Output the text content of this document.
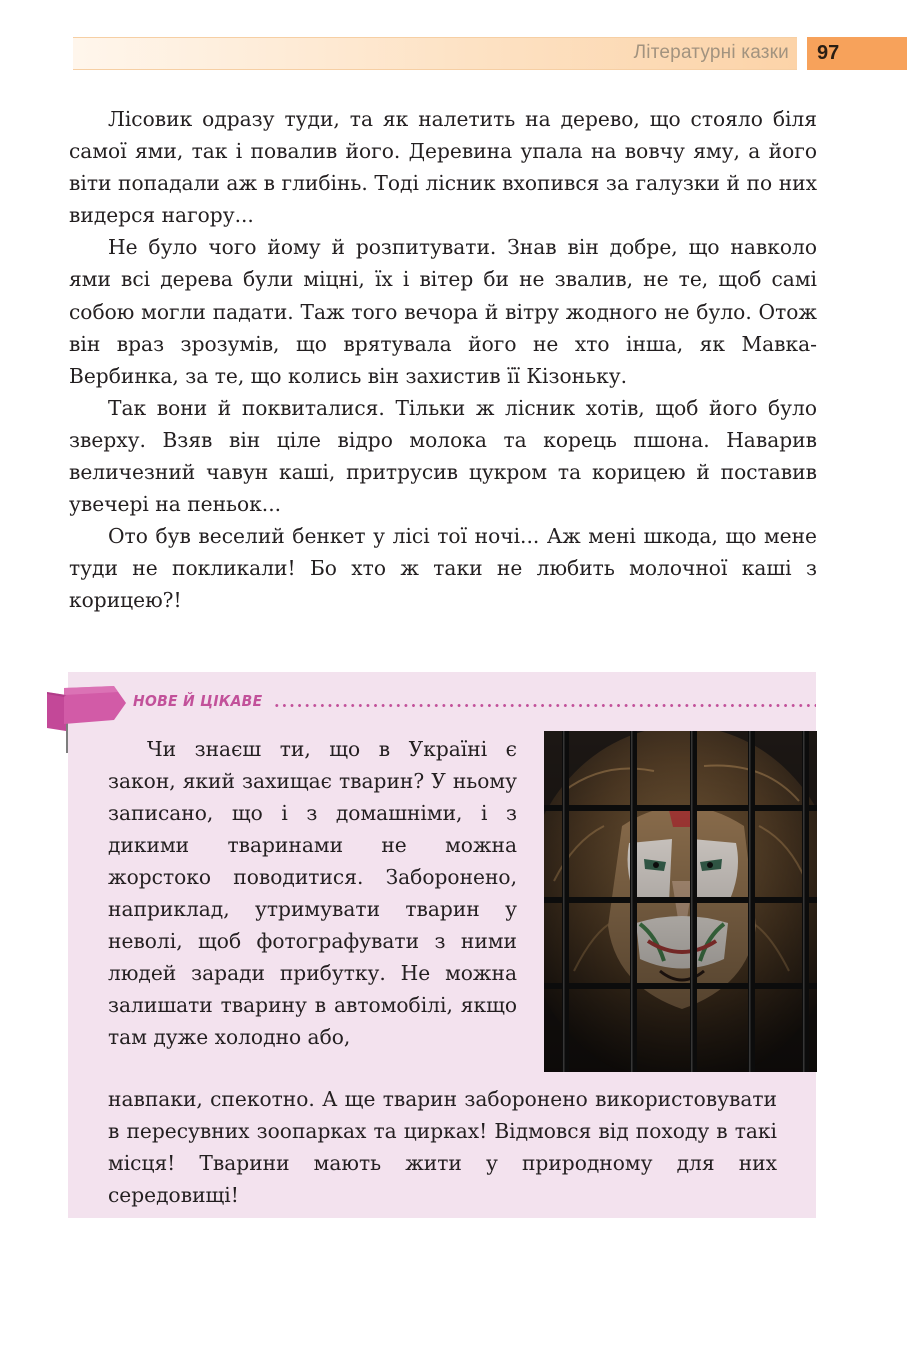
Літературні казки	97

Лісовик одразу туди, та як налетить на дерево, що стояло біля самої ями, так і повалив його. Деревина упала на вовчу яму, а його віти попадали аж в глибінь. Тоді лісник вхопився за галузки й по них видерся нагору...

Не було чого йому й розпитувати. Знав він добре, що навколо ями всі дерева були міцні, їх і вітер би не звалив, не те, щоб самі собою могли падати. Таж того вечора й вітру жодного не було. Отож він враз зрозумів, що врятувала його не хто інша, як Мавка-Вербинка, за те, що колись він захистив її Кізоньку.

Так вони й поквиталися. Тільки ж лісник хотів, щоб його було зверху. Взяв він ціле відро молока та корець пшона. Наварив величезний чавун каші, притрусив цукром та корицею й поставив увечері на пеньок...

Ото був веселий бенкет у лісі тої ночі... Аж мені шкода, що мене туди не покликали! Бо хто ж таки не любить молочної каші з корицею?!

НОВЕ Й ЦІКАВЕ

Чи знаєш ти, що в Україні є закон, який захищає тварин? У ньому записано, що і з домашніми, і з дикими тваринами не можна жорстоко поводитися. Заборонено, наприклад, утримувати тварин у неволі, щоб фотографувати з ними людей заради прибутку. Не можна залишати тварину в автомобілі, якщо там дуже холодно або,

навпаки, спекотно. А ще тварин заборонено використовувати в пересувних зоопарках та цирках! Відмовся від походу в такі місця! Тварини мають жити у природному для них середовищі!
